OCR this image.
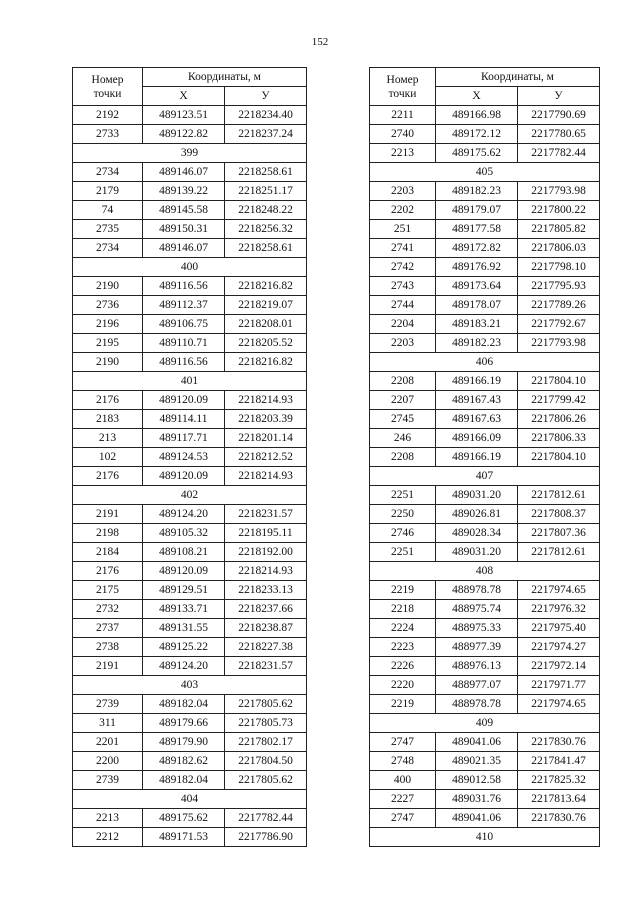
152
Номер
точки	Координаты, м	
	X	У
2192	489123.51	2218234.40
2733	489122.82	2218237.24
399		
2734	489146.07	2218258.61
2179	489139.22	2218251.17
74	489145.58	2218248.22
2735	489150.31	2218256.32
2734	489146.07	2218258.61
400		
2190	489116.56	2218216.82
2736	489112.37	2218219.07
2196	489106.75	2218208.01
2195	489110.71	2218205.52
2190	489116.56	2218216.82
401		
2176	489120.09	2218214.93
2183	489114.11	2218203.39
213	489117.71	2218201.14
102	489124.53	2218212.52
2176	489120.09	2218214.93
402		
2191	489124.20	2218231.57
2198	489105.32	2218195.11
2184	489108.21	2218192.00
2176	489120.09	2218214.93
2175	489129.51	2218233.13
2732	489133.71	2218237.66
2737	489131.55	2218238.87
2738	489125.22	2218227.38
2191	489124.20	2218231.57
403		
2739	489182.04	2217805.62
311	489179.66	2217805.73
2201	489179.90	2217802.17
2200	489182.62	2217804.50
2739	489182.04	2217805.62
404		
2213	489175.62	2217782.44
2212	489171.53	2217786.90
Номер
точки	Координаты, м	
	X	У
2211	489166.98	2217790.69
2740	489172.12	2217780.65
2213	489175.62	2217782.44
405		
2203	489182.23	2217793.98
2202	489179.07	2217800.22
251	489177.58	2217805.82
2741	489172.82	2217806.03
2742	489176.92	2217798.10
2743	489173.64	2217795.93
2744	489178.07	2217789.26
2204	489183.21	2217792.67
2203	489182.23	2217793.98
406		
2208	489166.19	2217804.10
2207	489167.43	2217799.42
2745	489167.63	2217806.26
246	489166.09	2217806.33
2208	489166.19	2217804.10
407		
2251	489031.20	2217812.61
2250	489026.81	2217808.37
2746	489028.34	2217807.36
2251	489031.20	2217812.61
408		
2219	488978.78	2217974.65
2218	488975.74	2217976.32
2224	488975.33	2217975.40
2223	488977.39	2217974.27
2226	488976.13	2217972.14
2220	488977.07	2217971.77
2219	488978.78	2217974.65
409		
2747	489041.06	2217830.76
2748	489021.35	2217841.47
400	489012.58	2217825.32
2227	489031.76	2217813.64
2747	489041.06	2217830.76
410		
